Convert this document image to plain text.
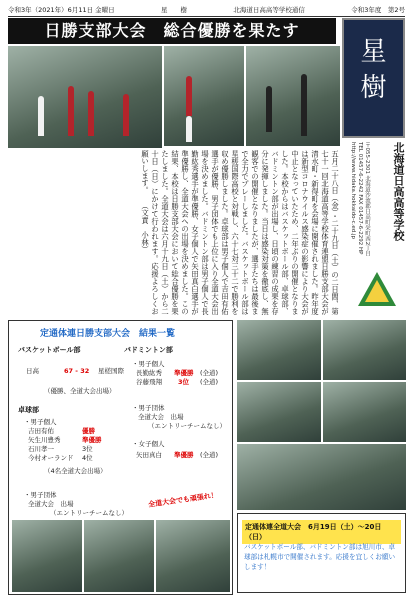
令和3年（2021年）6月11日 金曜日	星　　樹	北海道日高高等学校通信	令和3年度　第2号
日勝支部大会　総合優勝を果たす
星
樹
北海道日高高等学校
〒055-2301 北海道沙流郡日高町栄町西2丁目 TEL 01457-6-2242 FAX 01457-6-2292 HP http://www.hidaka.hokkaido-c.ed.jp
五月二十八日（金）・二十九日（土）の二日間、第七十一回北海道高等学校体育連盟日勝支部大会が清水町・新得町を会場に開催されました。昨年度は新型コロナウイルス感染症の影響により大会が中止となっていたため、二年ぶりの開催となりました。本校からはバスケットボール部、卓球部、バドミントン部が出場し、日頃の練習の成果を存分に発揮しました。当日は感染対策を徹底し、無観客での開催となりましたが、選手たちは最後まで全力でプレーしました。バスケットボール部は星槎国際高校と対戦し、六十七対三十二で勝利を収め優勝しました。卓球部は男子個人で吉田有佑選手が優勝、男子団体でも上位に入り全道大会出場を決めました。バドミントン部は男子個人で長勤紘秀選手が準優勝、女子個人で矢田真白選手が準優勝し、全道大会への出場を決めました。この結果、本校は日勝支部大会において総合優勝を果たしました。全道大会は六月十九日（土）から二十日（日）にかけて行われます。応援よろしくお願いします。 （文責　小林）
定通体連日勝支部大会　結果一覧
バスケットボール部
日高	67 - 32 星槎国際
（優勝、全道大会出場）
卓球部
・男子個人
吉田有佑	優勝
矢生川豊秀	準優勝
石川孝一	3位
今村オーランド 4位
（4名全道大会出場）
・男子団体
全道大会　出場
（エントリーチームなし）
バドミントン部
・男子個人
長勤紘秀 準優勝 (全道)
谷藤飛翔 3位 (全道)
・男子団体
全道大会　出場
（エントリーチームなし）
・女子個人
矢田真白 準優勝 (全道)
全道大会でも頑張れ！
定通体連全道大会　6月19日（土）～20日（日）
バスケットボール部、バドミントン部は旭川市、卓球部は札幌市で開催されます。応援を宜しくお願いします！
